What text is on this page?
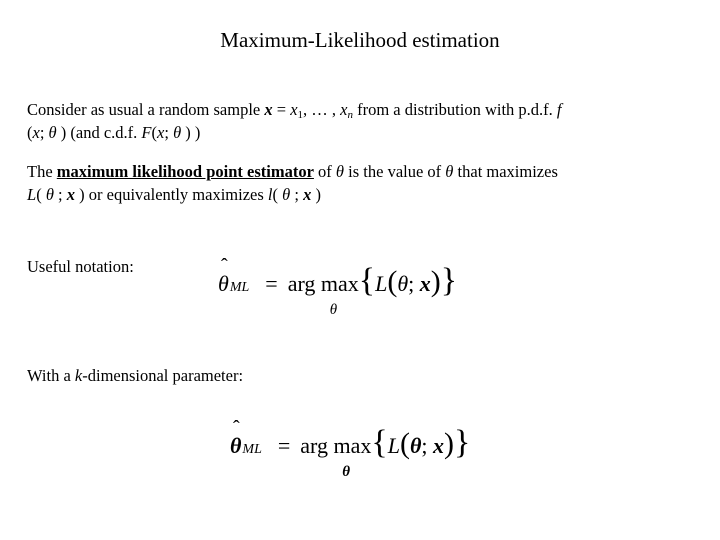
Maximum-Likelihood estimation
Consider as usual a random sample $x = x_1$, … , $x_n$ from a distribution with p.d.f. f
(x; θ ) (and c.d.f. F(x; θ ) )
The maximum likelihood point estimator of θ is the value of θ that maximizes
L( θ ; x ) or equivalently maximizes l( θ ; x )
Useful notation:
θ
ˆ
ML = arg max
θ
{L(θ; x)}
With a k-dimensional parameter:
θ
ˆ
ML = arg max
θ
{L(θ; x)}
